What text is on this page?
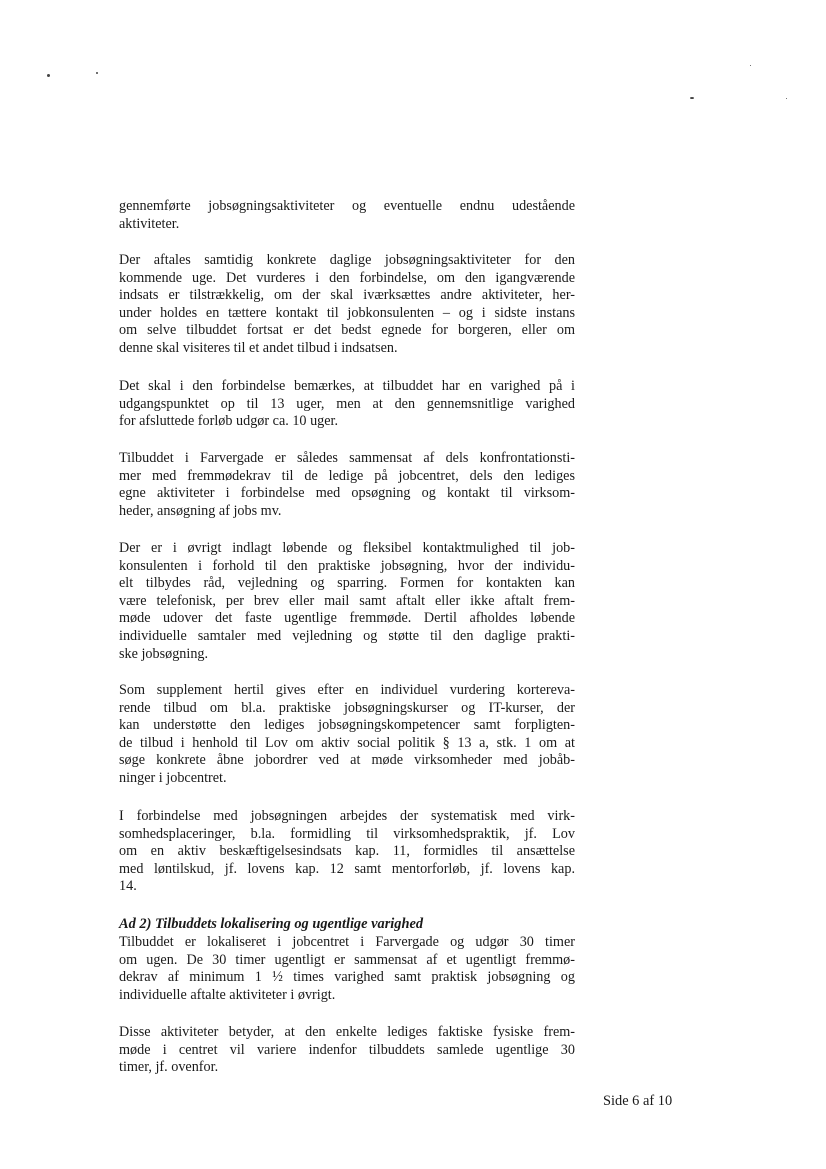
gennemførte jobsøgningsaktiviteter og eventuelle endnu udestående
aktiviteter.
Der aftales samtidig konkrete daglige jobsøgningsaktiviteter for den
kommende uge. Det vurderes i den forbindelse, om den igangværende
indsats er tilstrækkelig, om der skal iværksættes andre aktiviteter, her-
under holdes en tættere kontakt til jobkonsulenten – og i sidste instans
om selve tilbuddet fortsat er det bedst egnede for borgeren, eller om
denne skal visiteres til et andet tilbud i indsatsen.
Det skal i den forbindelse bemærkes, at tilbuddet har en varighed på i
udgangspunktet op til 13 uger, men at den gennemsnitlige varighed
for afsluttede forløb udgør ca. 10 uger.
Tilbuddet i Farvergade er således sammensat af dels konfrontationsti-
mer med fremmødekrav til de ledige på jobcentret, dels den lediges
egne aktiviteter i forbindelse med opsøgning og kontakt til virksom-
heder, ansøgning af jobs mv.
Der er i øvrigt indlagt løbende og fleksibel kontaktmulighed til job-
konsulenten i forhold til den praktiske jobsøgning, hvor der individu-
elt tilbydes råd, vejledning og sparring. Formen for kontakten kan
være telefonisk, per brev eller mail samt aftalt eller ikke aftalt frem-
møde udover det faste ugentlige fremmøde. Dertil afholdes løbende
individuelle samtaler med vejledning og støtte til den daglige prakti-
ske jobsøgning.
Som supplement hertil gives efter en individuel vurdering kortereva-
rende tilbud om bl.a. praktiske jobsøgningskurser og IT-kurser, der
kan understøtte den lediges jobsøgningskompetencer samt forpligten-
de tilbud i henhold til Lov om aktiv social politik § 13 a, stk. 1 om at
søge konkrete åbne jobordrer ved at møde virksomheder med jobåb-
ninger i jobcentret.
I forbindelse med jobsøgningen arbejdes der systematisk med virk-
somhedsplaceringer, b.la. formidling til virksomhedspraktik, jf. Lov
om en aktiv beskæftigelsesindsats kap. 11, formidles til ansættelse
med løntilskud, jf. lovens kap. 12 samt mentorforløb, jf. lovens kap.
14.
Ad 2) Tilbuddets lokalisering og ugentlige varighed
Tilbuddet er lokaliseret i jobcentret i Farvergade og udgør 30 timer
om ugen. De 30 timer ugentligt er sammensat af et ugentligt fremmø-
dekrav af minimum 1 ½ times varighed samt praktisk jobsøgning og
individuelle aftalte aktiviteter i øvrigt.
Disse aktiviteter betyder, at den enkelte lediges faktiske fysiske frem-
møde i centret vil variere indenfor tilbuddets samlede ugentlige 30
timer, jf. ovenfor.
Side 6 af 10
